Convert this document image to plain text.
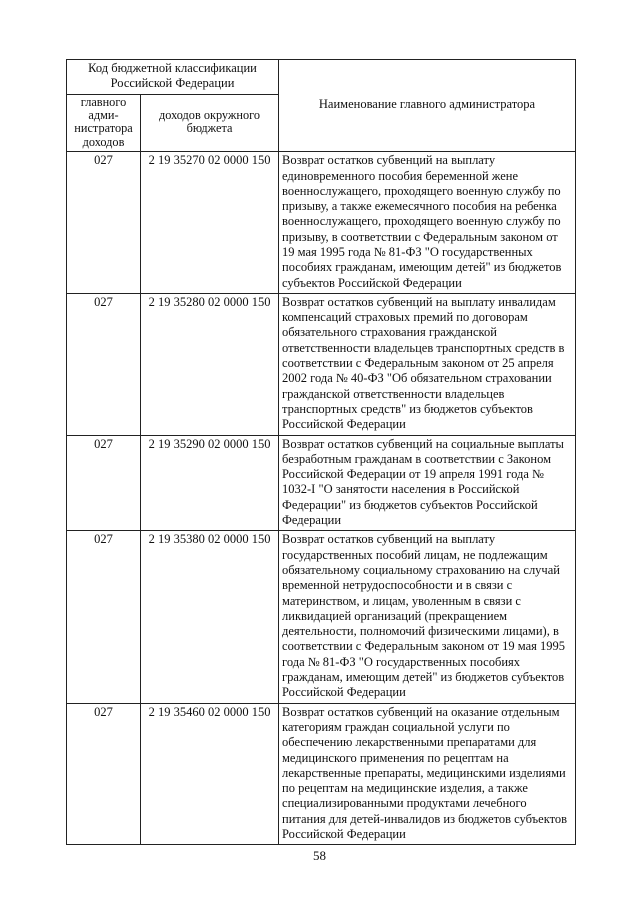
Код бюджетной классификации Российской Федерации		Наименование главного администратора
главного адми-нистратора доходов	доходов окружного бюджета	
027	2 19 35270 02 0000 150	Возврат остатков субвенций на выплату единовременного пособия беременной жене военнослужащего, проходящего военную службу по призыву, а также ежемесячного пособия на ребенка военнослужащего, проходящего военную службу по призыву, в соответствии с Федеральным законом от 19 мая 1995 года № 81-ФЗ "О государственных пособиях гражданам, имеющим детей" из бюджетов субъектов Российской Федерации
027	2 19 35280 02 0000 150	Возврат остатков субвенций на выплату инвалидам компенсаций страховых премий по договорам обязательного страхования гражданской ответственности владельцев транспортных средств в соответствии с Федеральным законом от 25 апреля 2002 года № 40-ФЗ "Об обязательном страховании гражданской ответственности владельцев транспортных средств" из бюджетов субъектов Российской Федерации
027	2 19 35290 02 0000 150	Возврат остатков субвенций на социальные выплаты безработным гражданам в соответствии с Законом Российской Федерации от 19 апреля 1991 года № 1032-I "О занятости населения в Российской Федерации" из бюджетов субъектов Российской Федерации
027	2 19 35380 02 0000 150	Возврат остатков субвенций на выплату государственных пособий лицам, не подлежащим обязательному социальному страхованию на случай временной нетрудоспособности и в связи с материнством, и лицам, уволенным в связи с ликвидацией организаций (прекращением деятельности, полномочий физическими лицами), в соответствии с Федеральным законом от 19 мая 1995 года № 81-ФЗ "О государственных пособиях гражданам, имеющим детей" из бюджетов субъектов Российской Федерации
027	2 19 35460 02 0000 150	Возврат остатков субвенций на оказание отдельным категориям граждан социальной услуги по обеспечению лекарственными препаратами для медицинского применения по рецептам на лекарственные препараты, медицинскими изделиями по рецептам на медицинские изделия, а также специализированными продуктами лечебного питания для детей-инвалидов из бюджетов субъектов Российской Федерации
58
